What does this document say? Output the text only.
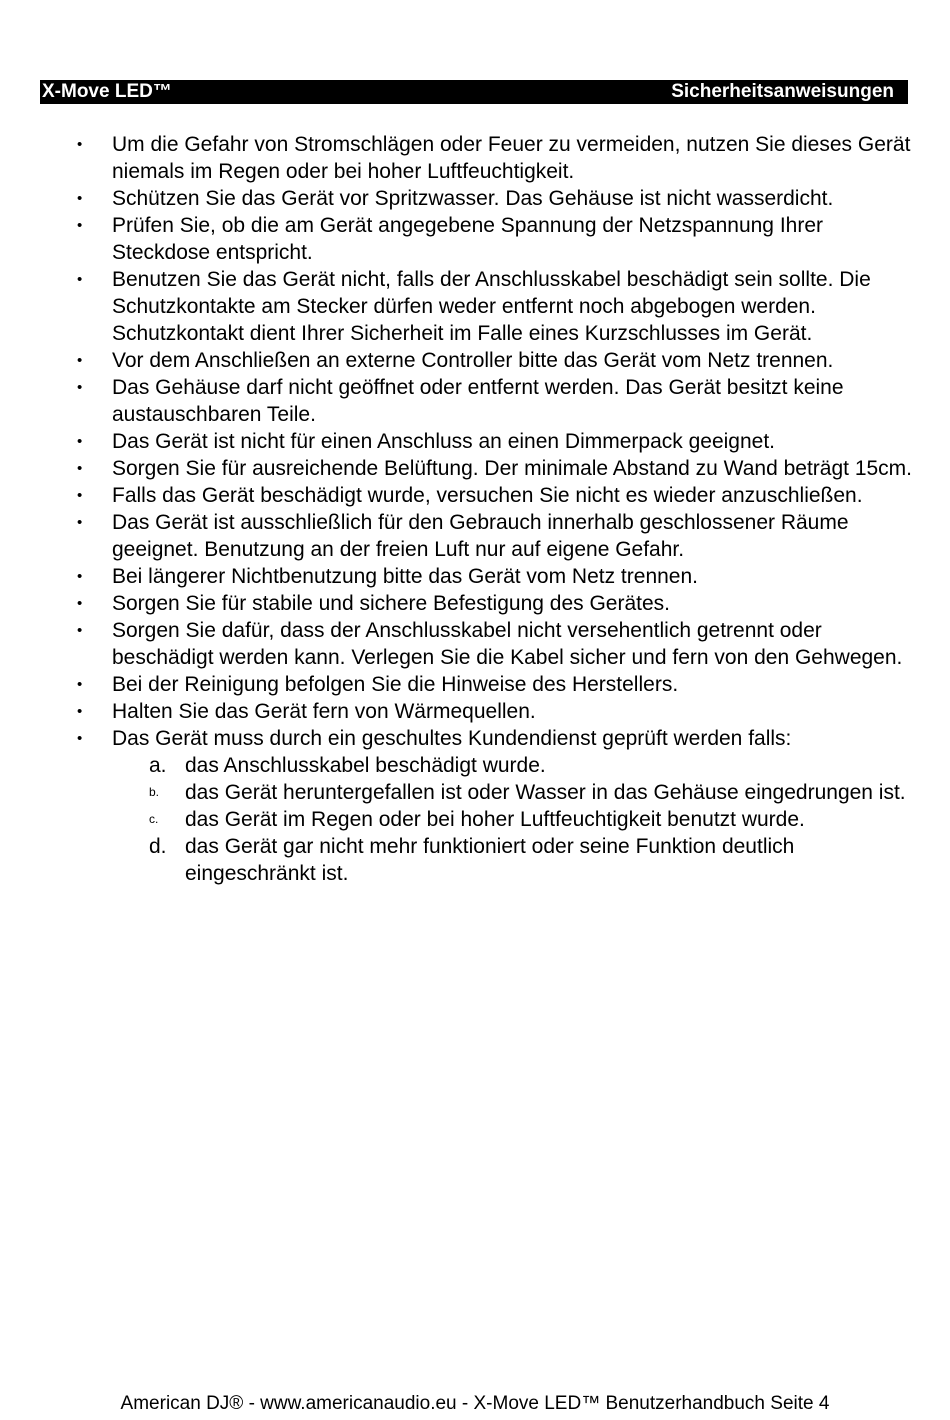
X-Move LED™	Sicherheitsanweisungen
• Um die Gefahr von Stromschlägen oder Feuer zu vermeiden, nutzen Sie dieses Gerät niemals im Regen oder bei hoher Luftfeuchtigkeit.
• Schützen Sie das Gerät vor Spritzwasser. Das Gehäuse ist nicht wasserdicht.
• Prüfen Sie, ob die am Gerät angegebene Spannung der Netzspannung Ihrer Steckdose entspricht.
• Benutzen Sie das Gerät nicht, falls der Anschlusskabel beschädigt sein sollte. Die Schutzkontakte am Stecker dürfen weder entfernt noch abgebogen werden. Schutzkontakt dient Ihrer Sicherheit im Falle eines Kurzschlusses im Gerät.
• Vor dem Anschließen an externe Controller bitte das Gerät vom Netz trennen.
• Das Gehäuse darf nicht geöffnet oder entfernt werden. Das Gerät besitzt keine austauschbaren Teile.
• Das Gerät ist nicht für einen Anschluss an einen Dimmerpack geeignet.
• Sorgen Sie für ausreichende Belüftung. Der minimale Abstand zu Wand beträgt 15cm.
• Falls das Gerät beschädigt wurde, versuchen Sie nicht es wieder anzuschließen.
• Das Gerät ist ausschließlich für den Gebrauch innerhalb geschlossener Räume geeignet. Benutzung an der freien Luft nur auf eigene Gefahr.
• Bei längerer Nichtbenutzung bitte das Gerät vom Netz trennen.
• Sorgen Sie für stabile und sichere Befestigung des Gerätes.
• Sorgen Sie dafür, dass der Anschlusskabel nicht versehentlich getrennt oder beschädigt werden kann. Verlegen Sie die Kabel sicher und fern von den Gehwegen.
• Bei der Reinigung befolgen Sie die Hinweise des Herstellers.
• Halten Sie das Gerät fern von Wärmequellen.
• Das Gerät muss durch ein geschultes Kundendienst geprüft werden falls:
a. das Anschlusskabel beschädigt wurde.
b. das Gerät heruntergefallen ist oder Wasser in das Gehäuse eingedrungen ist.
c. das Gerät im Regen oder bei hoher Luftfeuchtigkeit benutzt wurde.
d. das Gerät gar nicht mehr funktioniert oder seine Funktion deutlich eingeschränkt ist.
American DJ® - www.americanaudio.eu - X-Move LED™ Benutzerhandbuch Seite 4
